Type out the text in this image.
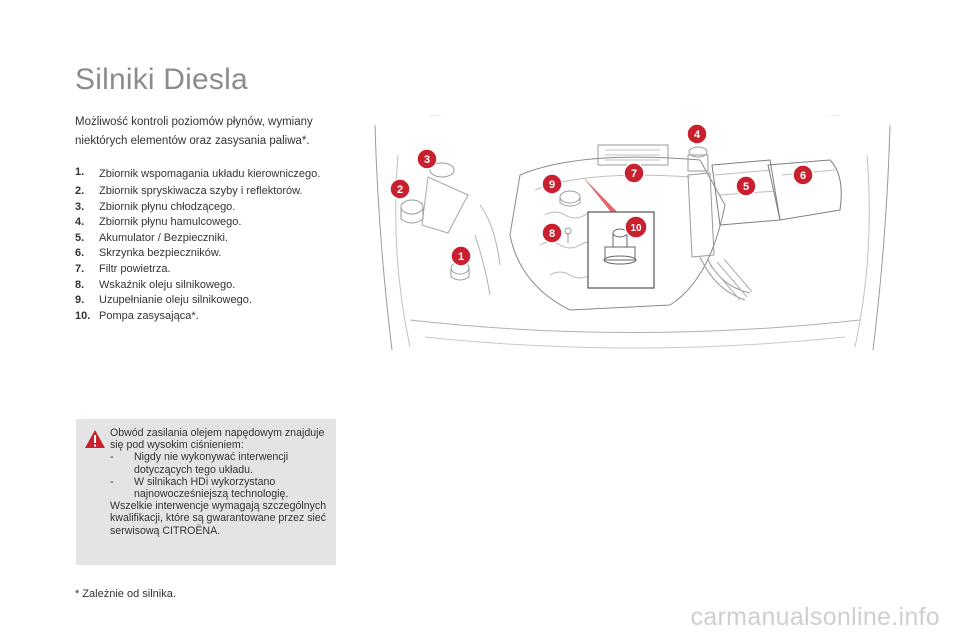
Silniki Diesla
Możliwość kontroli poziomów płynów, wymiany niektórych elementów oraz zasysania paliwa*.
1.	Zbiornik wspomagania układu kierowniczego.
2.	Zbiornik spryskiwacza szyby i reflektorów.
3.	Zbiornik płynu chłodzącego.
4.	Zbiornik płynu hamulcowego.
5.	Akumulator / Bezpieczniki.
6.	Skrzynka bezpieczników.
7.	Filtr powietrza.
8.	Wskaźnik oleju silnikowego.
9.	Uzupełnianie oleju silnikowego.
10. Pompa zasysająca*.
1
2
3
4
5
6
7
8
9
10
Obwód zasilania olejem napędowym znajduje się pod wysokim ciśnieniem:
-	Nigdy nie wykonywać interwencji dotyczących tego układu.
-	W silnikach HDi wykorzystano najnowocześniejszą technologię.
Wszelkie interwencje wymagają szczególnych kwalifikacji, które są gwarantowane przez sieć serwisową CITROËNA.
* Zależnie od silnika.
carmanualsonline.info
